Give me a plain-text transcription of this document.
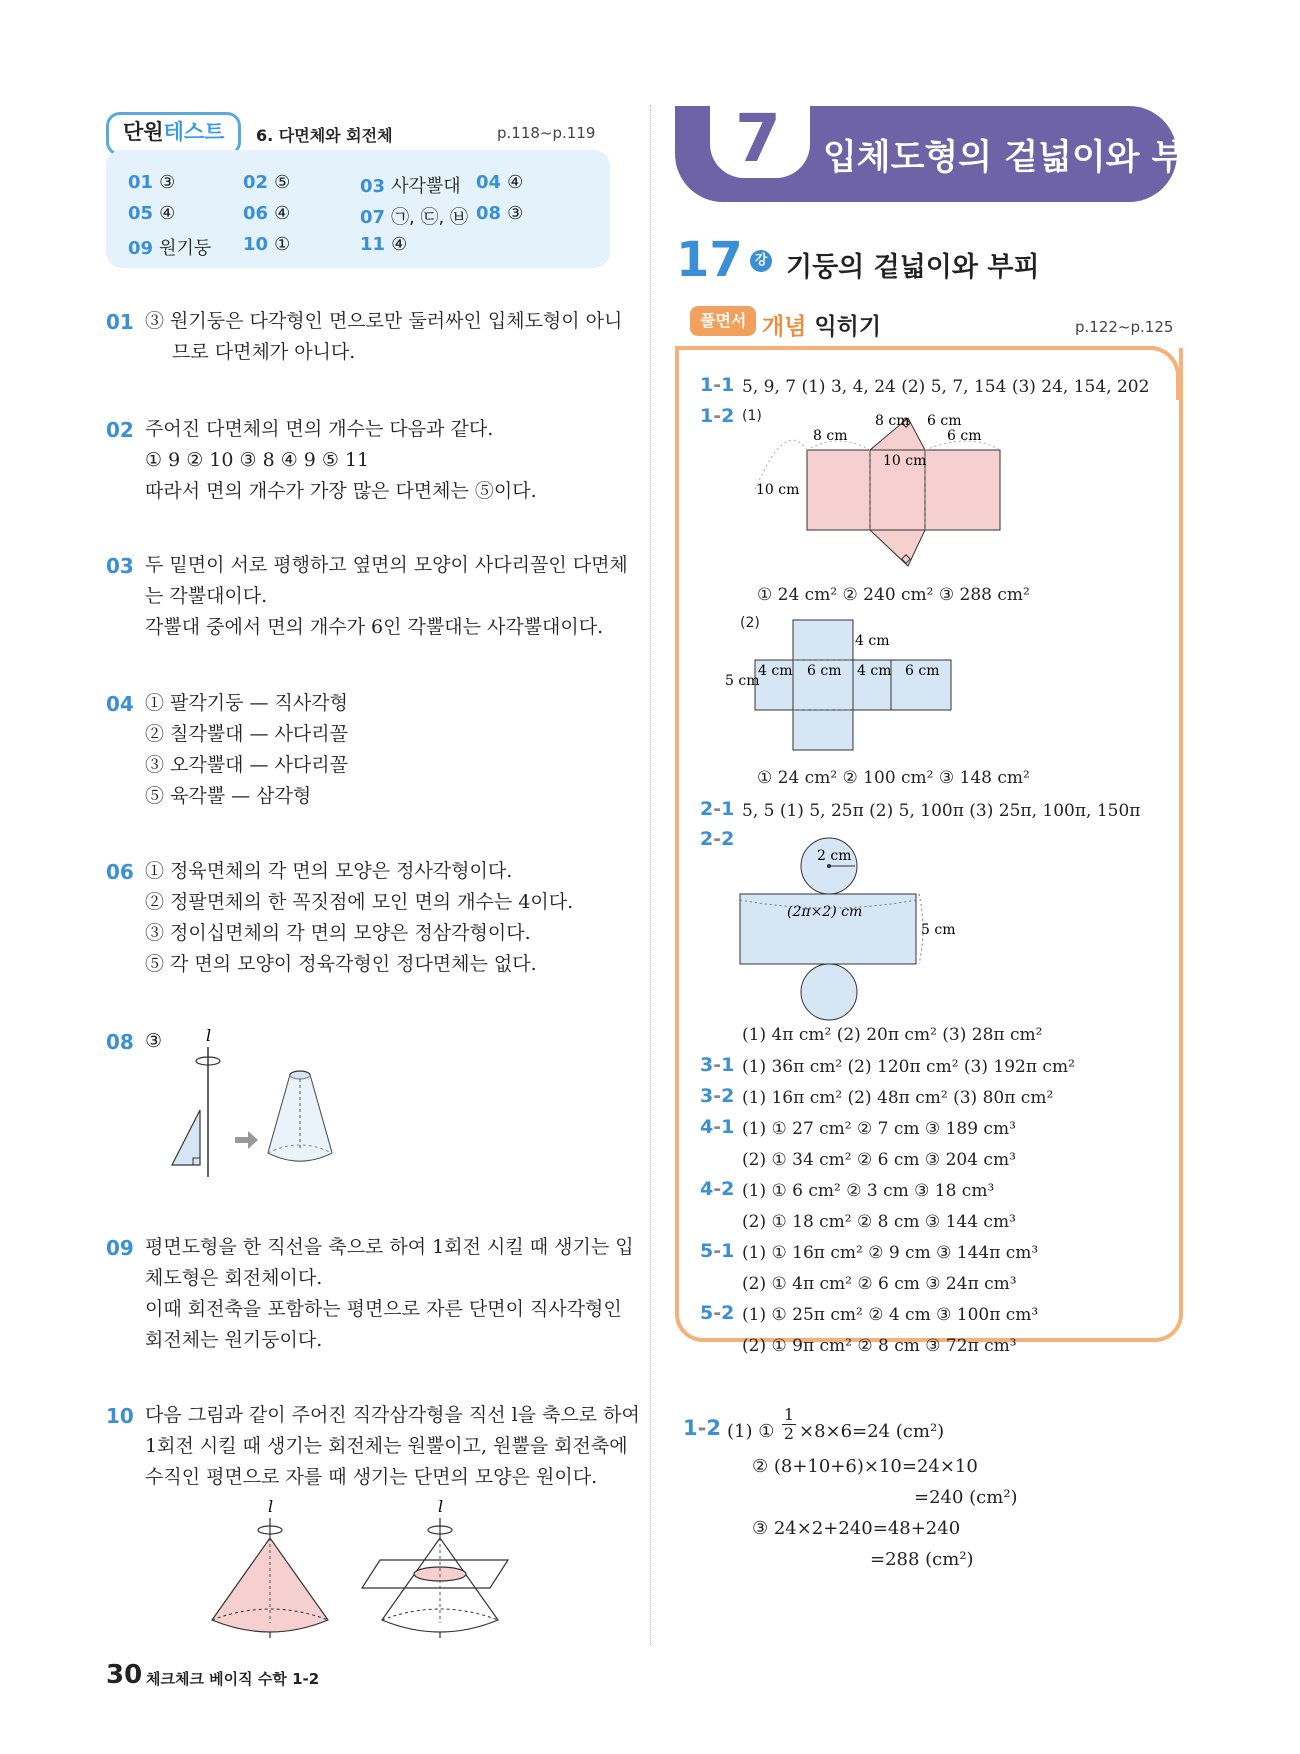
단원테스트	6. 다면체와 회전체	p.118~p.119
01 ③	02 ⑤	03 사각뿔대 04 ④
05 ④	06 ④	07 ㉠, ㉢, ㉥ 08 ③
09 원기둥 10 ①	11 ④
01 ③ 원기둥은 다각형인 면으로만 둘러싸인 입체도형이 아니
므로 다면체가 아니다.
02 주어진 다면체의 면의 개수는 다음과 같다.
① 9 ② 10 ③ 8 ④ 9 ⑤ 11
따라서 면의 개수가 가장 많은 다면체는 ⑤이다.
03 두 밑면이 서로 평행하고 옆면의 모양이 사다리꼴인 다면체
는 각뿔대이다.
각뿔대 중에서 면의 개수가 6인 각뿔대는 사각뿔대이다.
04 ① 팔각기둥 — 직사각형
② 칠각뿔대 — 사다리꼴
③ 오각뿔대 — 사다리꼴
⑤ 육각뿔 — 삼각형
06 ① 정육면체의 각 면의 모양은 정사각형이다.
② 정팔면체의 한 꼭짓점에 모인 면의 개수는 4이다.
③ 정이십면체의 각 면의 모양은 정삼각형이다.
⑤ 각 면의 모양이 정육각형인 정다면체는 없다.
08 ③	l
09 평면도형을 한 직선을 축으로 하여 1회전 시킬 때 생기는 입
체도형은 회전체이다.
이때 회전축을 포함하는 평면으로 자른 단면이 직사각형인
회전체는 원기둥이다.
10 다음 그림과 같이 주어진 직각삼각형을 직선 l을 축으로 하여
1회전 시킬 때 생기는 회전체는 원뿔이고, 원뿔을 회전축에
수직인 평면으로 자를 때 생기는 단면의 모양은 원이다.
l	l
7 입체도형의 겉넓이와 부피
17 강 기둥의 겉넓이와 부피
풀면서 개념 익히기	p.122~p.125
1-1 5, 9, 7 (1) 3, 4, 24 (2) 5, 7, 154 (3) 24, 154, 202
1-2 (1)	8 cm
8 cm
6 cm
6 cm
10 cm
10 cm
① 24 cm² ② 240 cm² ③ 288 cm²
(2)
4 cm
5 cm
4 cm
6 cm 4 cm 6 cm
① 24 cm² ② 100 cm² ③ 148 cm²
2-1 5, 5 (1) 5, 25π (2) 5, 100π (3) 25π, 100π, 150π
2-2
2 cm
(2π×2) cm
5 cm
(1) 4π cm² (2) 20π cm² (3) 28π cm²
3-1 (1) 36π cm² (2) 120π cm² (3) 192π cm²
3-2 (1) 16π cm² (2) 48π cm² (3) 80π cm²
4-1 (1) ① 27 cm² ② 7 cm ③ 189 cm³
(2) ① 34 cm² ② 6 cm ③ 204 cm³
4-2 (1) ① 6 cm² ② 3 cm ③ 18 cm³
(2) ① 18 cm² ② 8 cm ③ 144 cm³
5-1 (1) ① 16π cm² ② 9 cm ③ 144π cm³
(2) ① 4π cm² ② 6 cm ③ 24π cm³
5-2 (1) ① 25π cm² ② 4 cm ③ 100π cm³
(2) ① 9π cm² ② 8 cm ③ 72π cm³
1-2 (1) ① $\frac{1}{2} \times 8\times 6=24$ (cm²)
② (8+10+6)×10=24×10
=240 (cm²)
③ 24×2+240=48+240
=288 (cm²)
30 체크체크 베이직 수학 1-2
